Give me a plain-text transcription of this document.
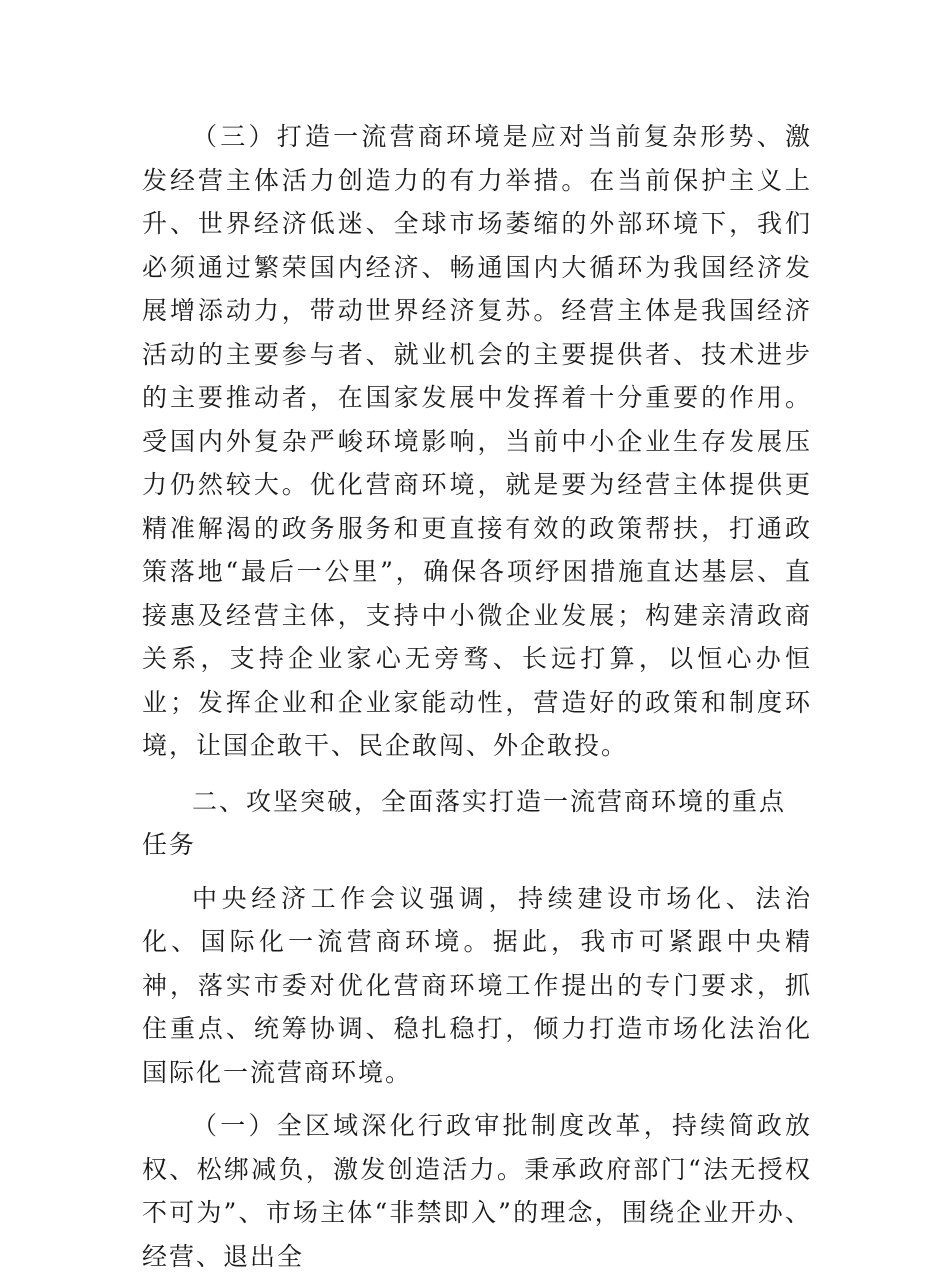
（三）打造一流营商环境是应对当前复杂形势、激发经营主体活力创造力的有力举措。在当前保护主义上升、世界经济低迷、全球市场萎缩的外部环境下，我们必须通过繁荣国内经济、畅通国内大循环为我国经济发展增添动力，带动世界经济复苏。经营主体是我国经济活动的主要参与者、就业机会的主要提供者、技术进步的主要推动者，在国家发展中发挥着十分重要的作用。受国内外复杂严峻环境影响，当前中小企业生存发展压力仍然较大。优化营商环境，就是要为经营主体提供更精准解渴的政务服务和更直接有效的政策帮扶，打通政策落地“最后一公里”，确保各项纾困措施直达基层、直接惠及经营主体，支持中小微企业发展；构建亲清政商关系，支持企业家心无旁骛、长远打算，以恒心办恒业；发挥企业和企业家能动性，营造好的政策和制度环境，让国企敢干、民企敢闯、外企敢投。

二、攻坚突破，全面落实打造一流营商环境的重点任务

中央经济工作会议强调，持续建设市场化、法治化、国际化一流营商环境。据此，我市可紧跟中央精神，落实市委对优化营商环境工作提出的专门要求，抓住重点、统筹协调、稳扎稳打，倾力打造市场化法治化国际化一流营商环境。

（一）全区域深化行政审批制度改革，持续简政放权、松绑减负，激发创造活力。秉承政府部门“法无授权不可为”、市场主体“非禁即入”的理念，围绕企业开办、经营、退出全
